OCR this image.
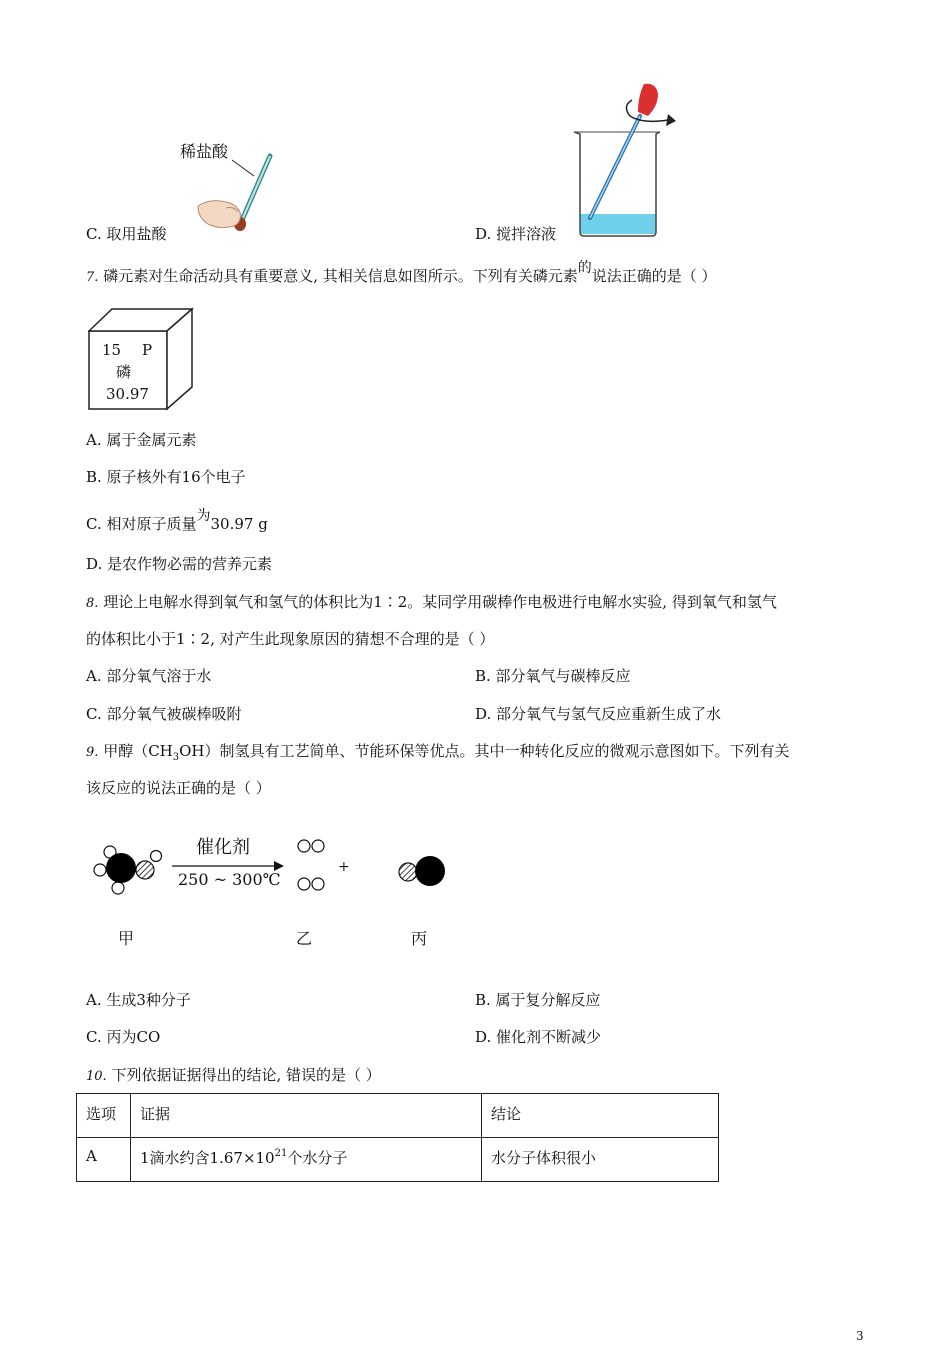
稀盐酸
C. 取用盐酸	D. 搅拌溶液
7. 磷元素对生命活动具有重要意义, 其相关信息如图所示。下列有关磷元素的说法正确的是（ ）
15 P
磷
30.97
A. 属于金属元素
B. 原子核外有16个电子
C. 相对原子质量为30.97 g
D. 是农作物必需的营养元素
8. 理论上电解水得到氧气和氢气的体积比为1∶2。某同学用碳棒作电极进行电解水实验, 得到氧气和氢气
的体积比小于1∶2, 对产生此现象原因的猜想不合理的是（ ）
A. 部分氧气溶于水	B. 部分氧气与碳棒反应
C. 部分氧气被碳棒吸附	D. 部分氧气与氢气反应重新生成了水
9. 甲醇$(CH_3OH)$制氢具有工艺简单、节能环保等优点。其中一种转化反应的微观示意图如下。下列有关
该反应的说法正确的是（ ）
催化剂
250 ~ 300℃
+
甲	乙	丙
A. 生成3种分子	B. 属于复分解反应
C. 丙为CO	D. 催化剂不断减少
10. 下列依据证据得出的结论, 错误的是（ ）
选项	证据	结论
A	1滴水约含$1.67\times 10^{21}$个水分子	水分子体积很小
3
